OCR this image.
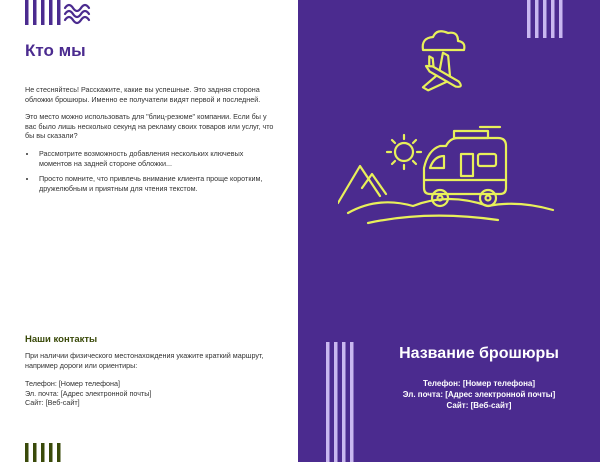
Кто мы

Не стесняйтесь! Расскажите, какие вы успешные. Это задняя сторона обложки брошюры. Именно ее получатели видят первой и последней.

Это место можно использовать для "блиц-резюме" компании. Если бы у вас было лишь несколько секунд на рекламу своих товаров или услуг, что бы вы сказали?

• Рассмотрите возможность добавления нескольких ключевых моментов на задней стороне обложки...
• Просто помните, что привлечь внимание клиента проще коротким, дружелюбным и приятным для чтения текстом.
Наши контакты

При наличии физического местонахождения укажите краткий маршрут, например дороги или ориентиры:

Телефон: [Номер телефона]
Эл. почта: [Адрес электронной почты]
Сайт: [Веб-сайт]
Название брошюры
Телефон: [Номер телефона]
Эл. почта: [Адрес электронной почты]
Сайт: [Веб-сайт]
